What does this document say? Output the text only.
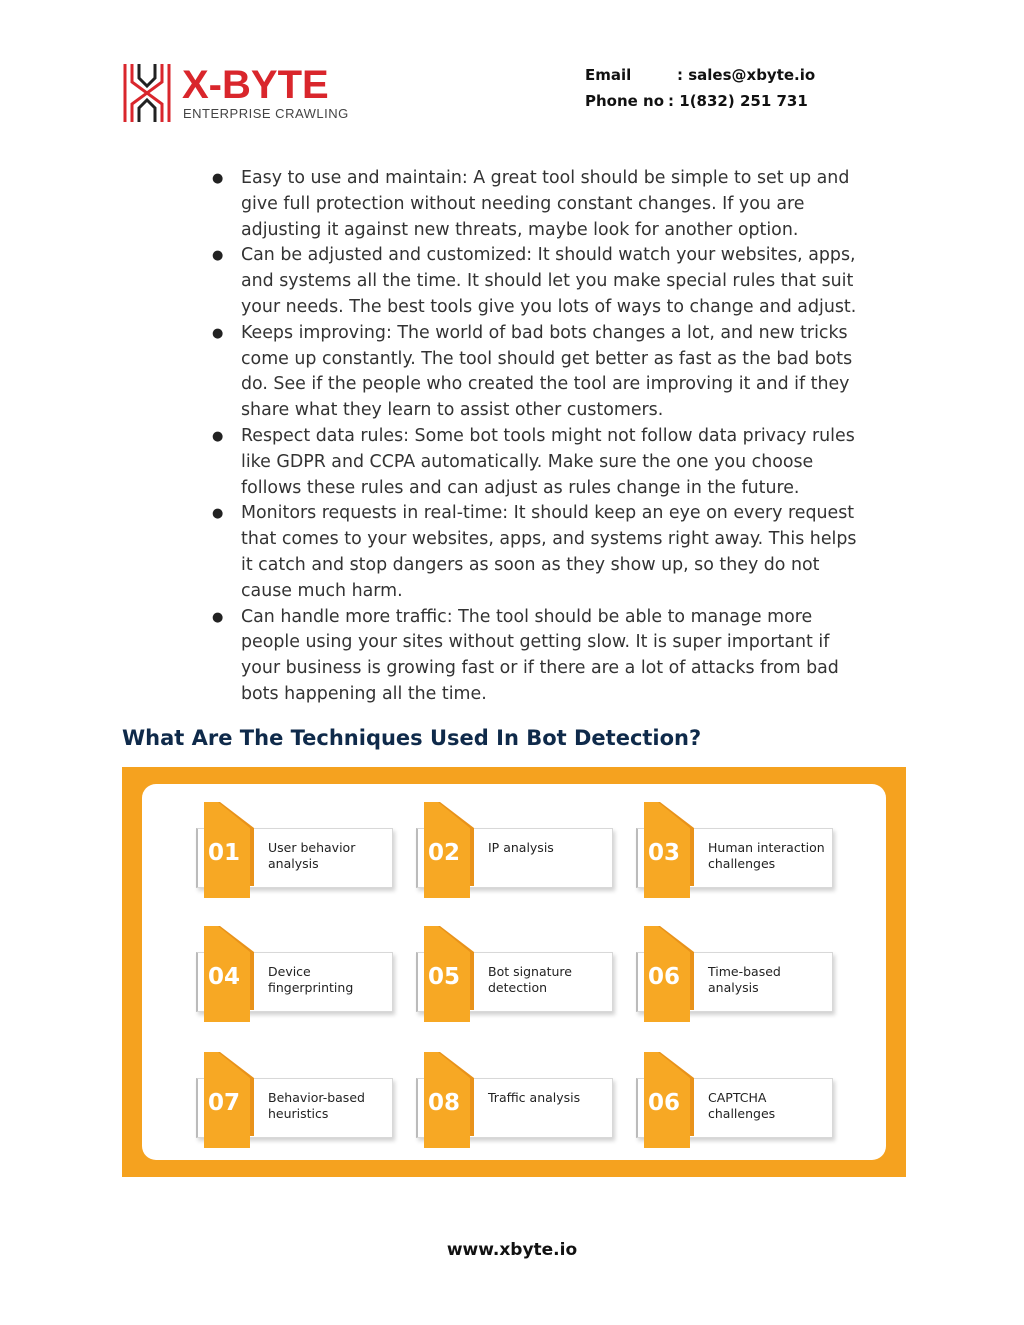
X-BYTE
ENTERPRISE CRAWLING
Email	: sales@xbyte.io
Phone no : 1(832) 251 731
● Easy to use and maintain: A great tool should be simple to set up and
give full protection without needing constant changes. If you are
adjusting it against new threats, maybe look for another option.
● Can be adjusted and customized: It should watch your websites, apps,
and systems all the time. It should let you make special rules that suit
your needs. The best tools give you lots of ways to change and adjust.
● Keeps improving: The world of bad bots changes a lot, and new tricks
come up constantly. The tool should get better as fast as the bad bots
do. See if the people who created the tool are improving it and if they
share what they learn to assist other customers.
● Respect data rules: Some bot tools might not follow data privacy rules
like GDPR and CCPA automatically. Make sure the one you choose
follows these rules and can adjust as rules change in the future.
● Monitors requests in real-time: It should keep an eye on every request
that comes to your websites, apps, and systems right away. This helps
it catch and stop dangers as soon as they show up, so they do not
cause much harm.
● Can handle more traffic: The tool should be able to manage more
people using your sites without getting slow. It is super important if
your business is growing fast or if there are a lot of attacks from bad
bots happening all the time.
What Are The Techniques Used In Bot Detection?
01	User behavior analysis	02	IP analysis	03	Human interaction challenges
04	Device fingerprinting	05	Bot signature detection	06	Time-based analysis
07	Behavior-based heuristics	08	Traffic analysis	06	CAPTCHA challenges
www.xbyte.io
